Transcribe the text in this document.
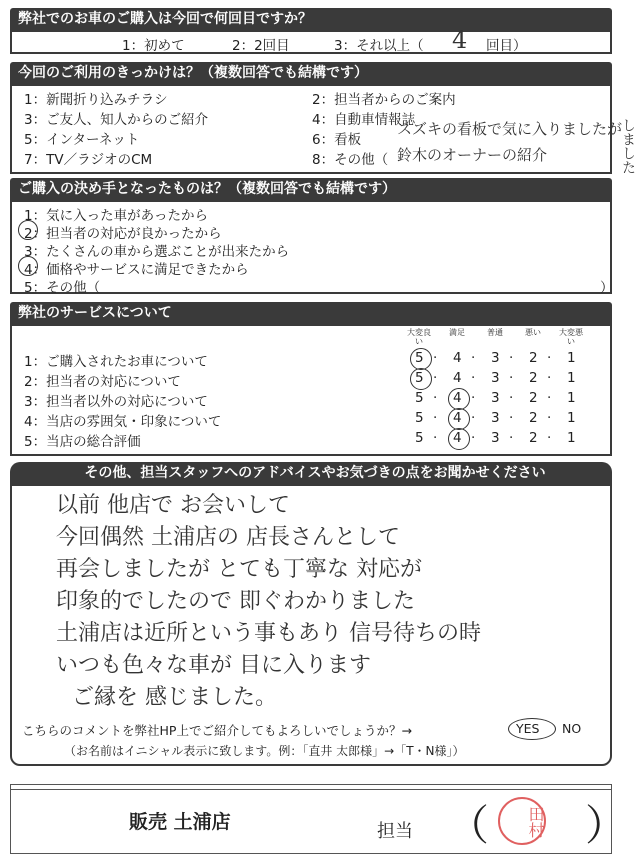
弊社でのお車のご購入は今回で何回目ですか？
1：初めて	2：2回目	3：それ以上（ 4 回目）
今回のご利用のきっかけは？（複数回答でも結構です）
1：新聞折り込みチラシ	2：担当者からのご案内
3：ご友人、知人からのご紹介	4：自動車情報誌
5：インターネット	6：看板
7：TV／ラジオのCM	8：その他（
スズキの看板で気に入りましたが
鈴木のオーナーの紹介	しました
ご購入の決め手となったものは？（複数回答でも結構です）
1：気に入った車があったから
2：担当者の対応が良かったから
3：たくさんの車から選ぶことが出来たから
4：価格やサービスに満足できたから
5：その他（	）
弊社のサービスについて
大変良い
満足	普通	悪い	大変悪い
1：ご購入されたお車について	5 · 4 · 3 · 2 · 1
2：担当者の対応について	5 · 4 · 3 · 2 · 1
3：担当者以外の対応について	5 · 4 · 3 · 2 · 1
4：当店の雰囲気・印象について	5 · 4 · 3 · 2 · 1
5：当店の総合評価	5 · 4 · 3 · 2 · 1
その他、担当スタッフへのアドバイスやお気づきの点をお聞かせください
以前 他店で お会いして
今回偶然 土浦店の 店長さんとして
再会しましたが とても丁寧な 対応が
印象的でしたので 即ぐわかりました
土浦店は近所という事もあり 信号待ちの時
いつも色々な車が 目に入ります
ご縁を 感じました。
こちらのコメントを弊社HP上でご紹介してもよろしいでしょうか？→	YES NO
（お名前はイニシャル表示に致します。例：「直井 太郎様」→「T・N様」）
販売 土浦店	担当 （ ）
田村
